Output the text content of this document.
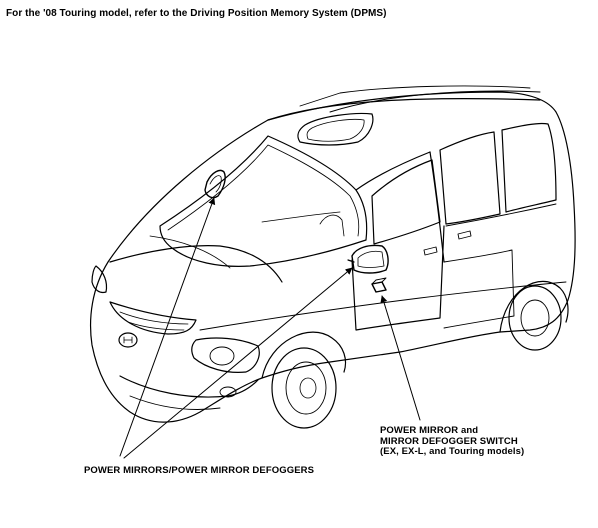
For the '08 Touring model, refer to the Driving Position Memory System (DPMS)
POWER MIRROR and
MIRROR DEFOGGER SWITCH
(EX, EX-L, and Touring models)
POWER MIRRORS/POWER MIRROR DEFOGGERS
